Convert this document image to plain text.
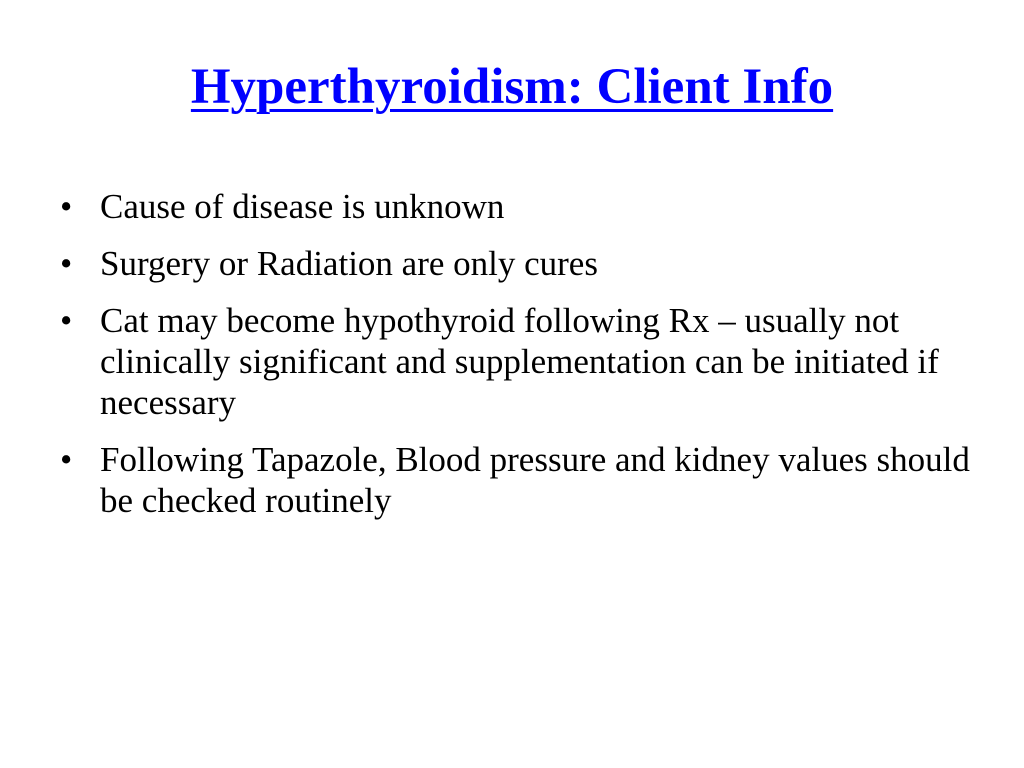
Hyperthyroidism: Client Info
• Cause of disease is unknown
• Surgery or Radiation are only cures
• Cat may become hypothyroid following Rx – usually not clinically significant and supplementation can be initiated if necessary
• Following Tapazole, Blood pressure and kidney values should be checked routinely
